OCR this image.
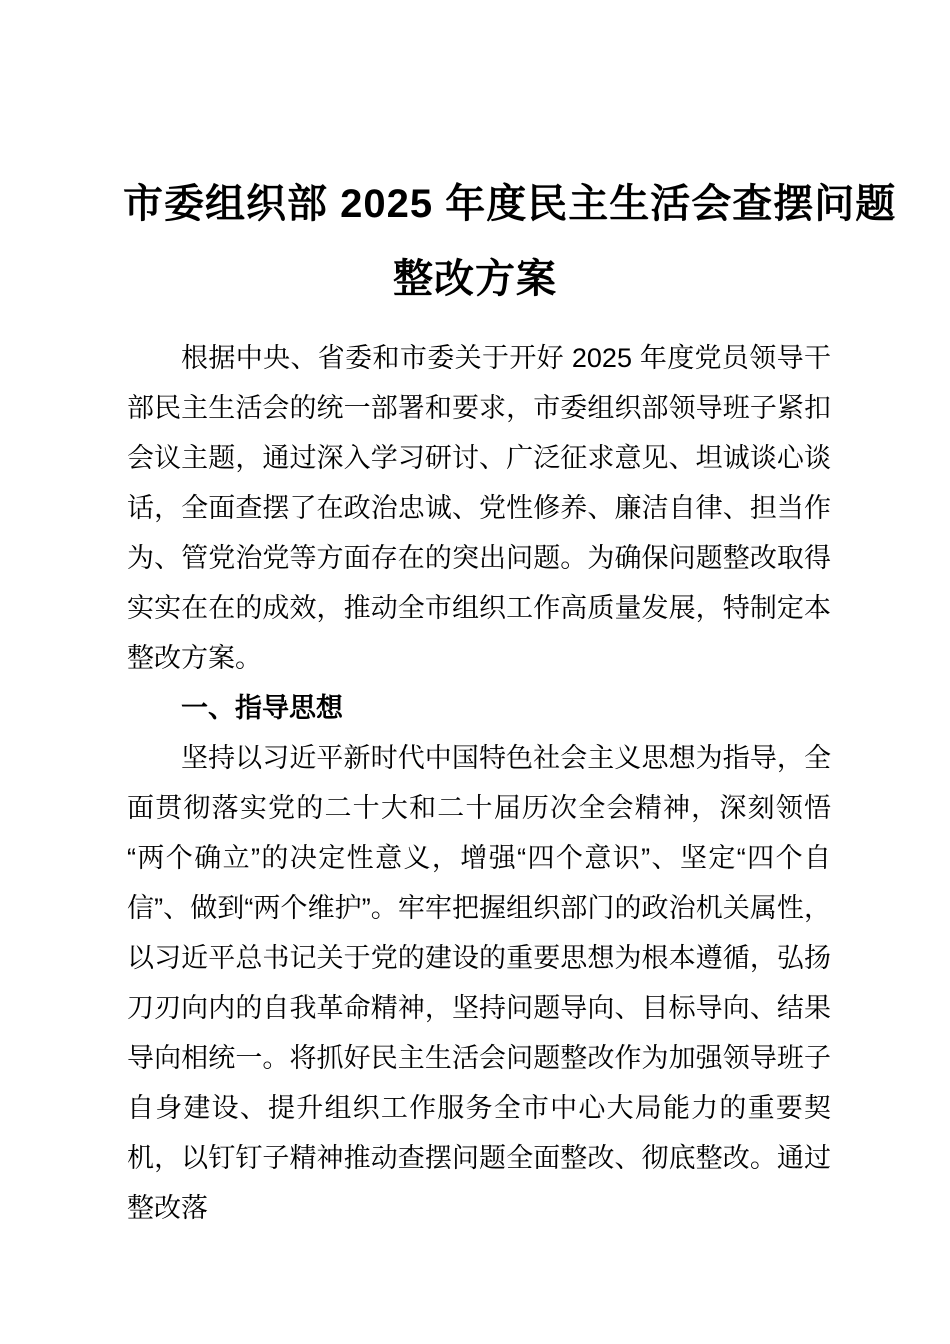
市委组织部 2025 年度民主生活会查摆问题
整改方案

根据中央、省委和市委关于开好 2025 年度党员领导干部民主生活会的统一部署和要求，市委组织部领导班子紧扣会议主题，通过深入学习研讨、广泛征求意见、坦诚谈心谈话，全面查摆了在政治忠诚、党性修养、廉洁自律、担当作为、管党治党等方面存在的突出问题。为确保问题整改取得实实在在的成效，推动全市组织工作高质量发展，特制定本整改方案。

一、指导思想

坚持以习近平新时代中国特色社会主义思想为指导，全面贯彻落实党的二十大和二十届历次全会精神，深刻领悟“两个确立”的决定性意义，增强“四个意识”、坚定“四个自信”、做到“两个维护”。牢牢把握组织部门的政治机关属性，以习近平总书记关于党的建设的重要思想为根本遵循，弘扬刀刃向内的自我革命精神，坚持问题导向、目标导向、结果导向相统一。将抓好民主生活会问题整改作为加强领导班子自身建设、提升组织工作服务全市中心大局能力的重要契机，以钉钉子精神推动查摆问题全面整改、彻底整改。通过整改落
